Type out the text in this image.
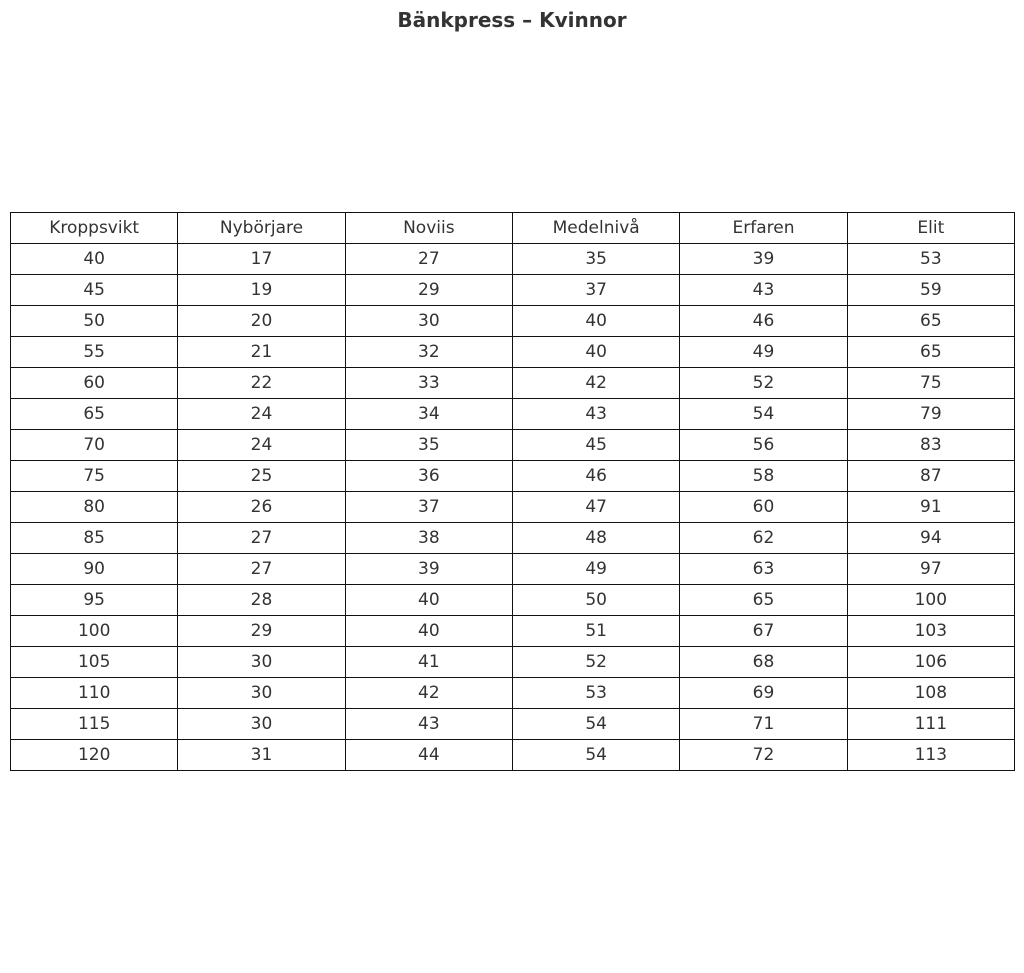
Bänkpress – Kvinnor
Kroppsvikt	Nybörjare	Noviis	Medelnivå	Erfaren	Elit
40	17	27	35	39	53
45	19	29	37	43	59
50	20	30	40	46	65
55	21	32	40	49	65
60	22	33	42	52	75
65	24	34	43	54	79
70	24	35	45	56	83
75	25	36	46	58	87
80	26	37	47	60	91
85	27	38	48	62	94
90	27	39	49	63	97
95	28	40	50	65	100
100	29	40	51	67	103
105	30	41	52	68	106
110	30	42	53	69	108
115	30	43	54	71	111
120	31	44	54	72	113
